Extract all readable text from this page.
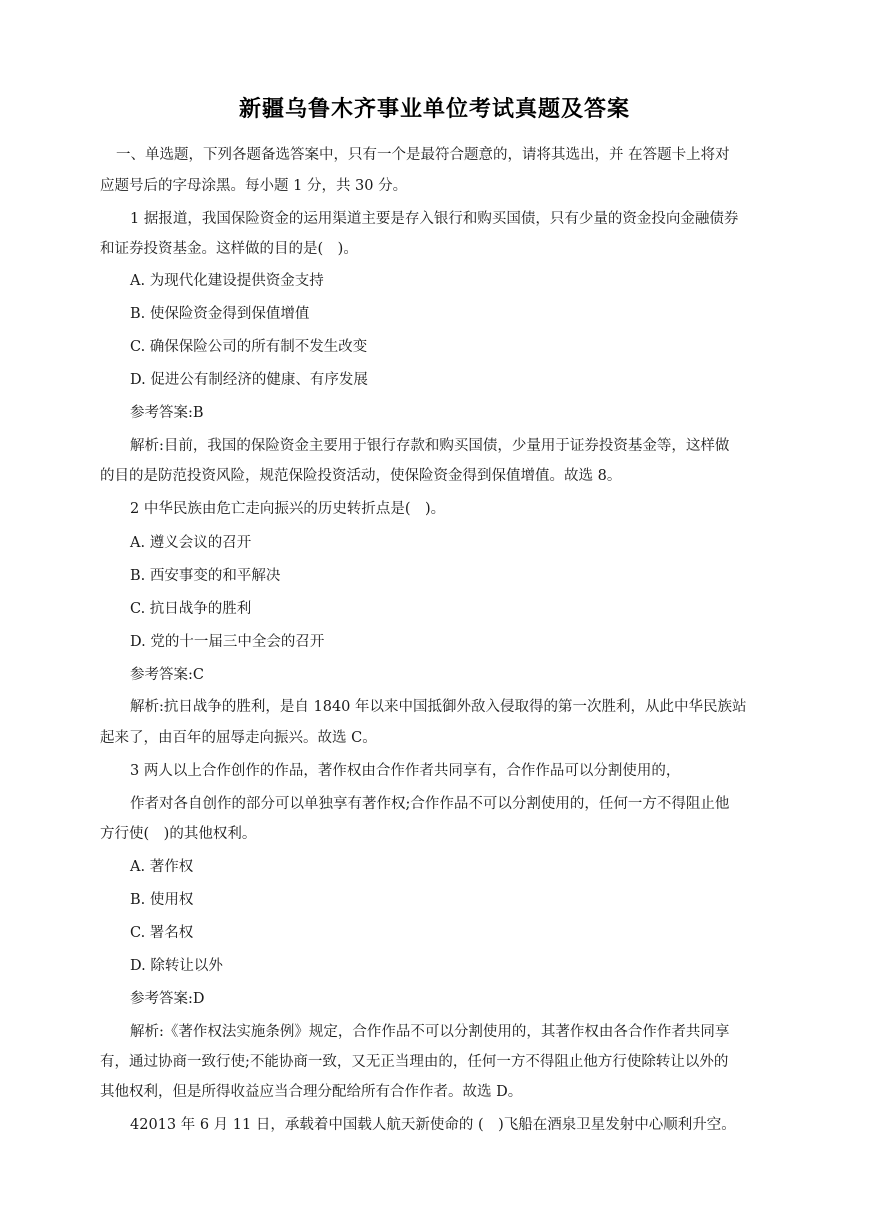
新疆乌鲁木齐事业单位考试真题及答案
一、单选题，下列各题备选答案中，只有一个是最符合题意的，请将其选出，并 在答题卡上将对
应题号后的字母涂黑。每小题 1 分，共 30 分。
1 据报道，我国保险资金的运用渠道主要是存入银行和购买国债，只有少量的资金投向金融债券
和证券投资基金。这样做的目的是(　)。
A. 为现代化建设提供资金支持
B. 使保险资金得到保值增值
C. 确保保险公司的所有制不发生改变
D. 促进公有制经济的健康、有序发展
参考答案:B
解析:目前，我国的保险资金主要用于银行存款和购买国债，少量用于证券投资基金等，这样做
的目的是防范投资风险，规范保险投资活动，使保险资金得到保值增值。故选 8。
2 中华民族由危亡走向振兴的历史转折点是(　)。
A. 遵义会议的召开
B. 西安事变的和平解决
C. 抗日战争的胜利
D. 党的十一届三中全会的召开
参考答案:C
解析:抗日战争的胜利，是自 1840 年以来中国抵御外敌入侵取得的第一次胜利，从此中华民族站
起来了，由百年的屈辱走向振兴。故选 C。
3 两人以上合作创作的作品，著作权由合作作者共同享有，合作作品可以分割使用的，
作者对各自创作的部分可以单独享有著作权;合作作品不可以分割使用的，任何一方不得阻止他
方行使(　)的其他权利。
A. 著作权
B. 使用权
C. 署名权
D. 除转让以外
参考答案:D
解析:《著作权法实施条例》规定，合作作品不可以分割使用的，其著作权由各合作作者共同享
有，通过协商一致行使;不能协商一致，又无正当理由的，任何一方不得阻止他方行使除转让以外的
其他权利，但是所得收益应当合理分配给所有合作作者。故选 D。
42013 年 6 月 11 日，承载着中国载人航天新使命的 (　)飞船在酒泉卫星发射中心顺利升空。
